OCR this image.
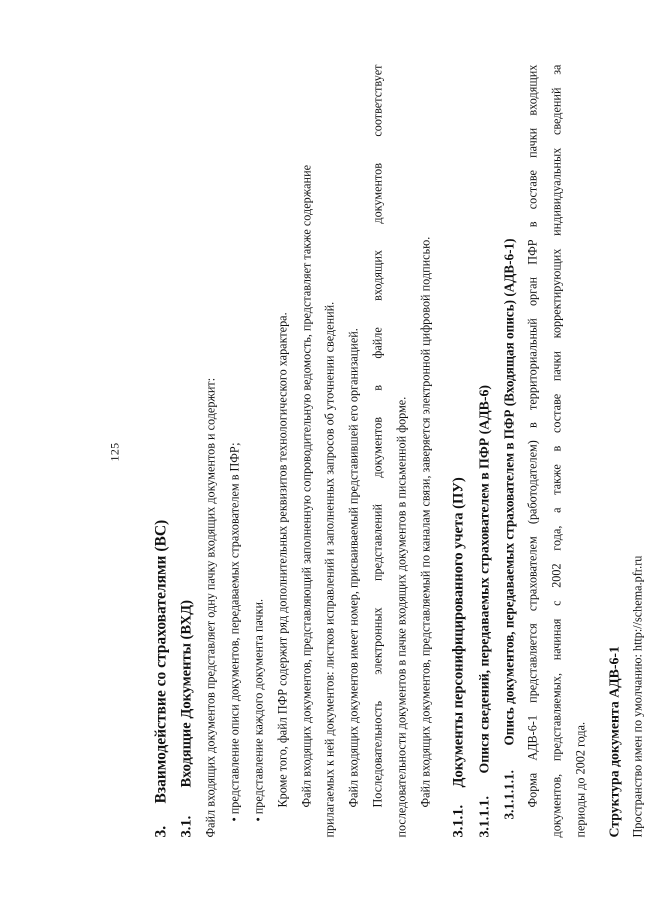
125
3.Взаимодействие со страхователями (ВС)
3.1.Входящие Документы (ВХД) Файл входящих документов представляет одну пачку входящих документов и содержит: • представление описи документов, передаваемых страхователем в ПФР; • представление каждого документа пачки. Кроме того, файл ПФР содержит ряд дополнительных реквизитов технологического характера. Файл входящих документов, представляющий заполненную сопроводительную ведомость, представляет также содержание прилагаемых к ней документов: листков исправлений и заполненных запросов об уточнении сведений. Файл входящих документов имеет номер, присваиваемый представившей его организацией. Последовательность
электронных
представлений
документов
в
файле
входящих
документов
соответствует
последовательности документов в пачке входящих документов в письменной форме. Файл входящих документов, представляемый по каналам связи, заверяется электронной цифровой подписью.
3.1.1.Документы персонифицированного учета (ПУ)
3.1.1.1.Опися сведений, передаваемых страхователем в ПФР (АДВ-6)
3.1.1.1.1.Опись документов, передаваемых страхователем в ПФР (Входящая опись) (АДВ-6-1)
Форма
АДВ-6-1
представляется
страхователем
(работодателем)
в
территориальный
орган
ПФР
в
составе
пачки
входящих
документов,
представляемых,
начиная
с
2002
года,
а
также
в
составе
пачки
корректирующих
индивидуальных
сведений
за
периоды до 2002 года.	Структура документа АДВ-6-1 Пространство имен по умолчанию: http://schema.pfr.ru
